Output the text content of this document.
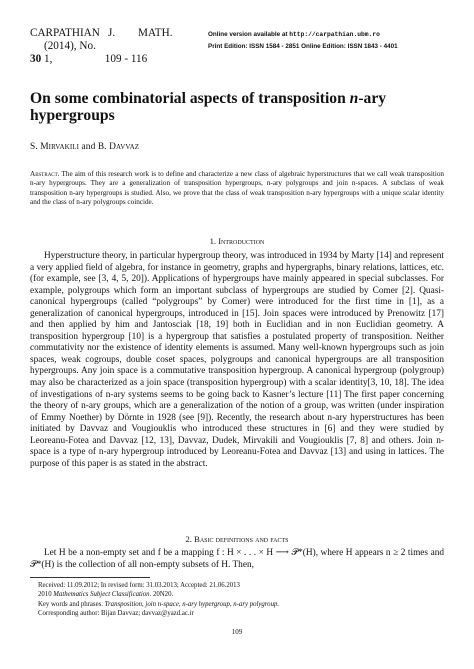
CARPATHIAN J. MATH.
30 (2014), No. 1,	109 - 116
Online version available at http://carpathian.ubm.ro
Print Edition: ISSN 1584 - 2851 Online Edition: ISSN 1843 - 4401
On some combinatorial aspects of transposition n-ary
hypergroups
S. Mirvakili and B. Davvaz
Abstract. The aim of this research work is to define and characterize a new class of algebraic hyperstructures that we call weak transposition n-ary hypergroups. They are a generalization of transposition hypergroups, n-ary polygroups and join n-spaces. A subclass of weak transposition n-ary hypergroups is studied. Also, we prove that the class of weak transposition n-ary hypergroups with a unique scalar identity and the class of n-ary polygroups coincide.
1. Introduction
Hyperstructure theory, in particular hypergroup theory, was introduced in 1934 by Marty [14] and represent a very applied field of algebra, for instance in geometry, graphs and hypergraphs, binary relations, lattices, etc. (for example, see [3, 4, 5, 20]). Applications of hypergroups have mainly appeared in special subclasses. For example, polygroups which form an important subclass of hypergroups are studied by Comer [2]. Quasi-canonical hypergroups (called “polygroups” by Comer) were introduced for the first time in [1], as a generalization of canonical hypergroups, introduced in [15]. Join spaces were introduced by Prenowitz [17] and then applied by him and Jantosciak [18, 19] both in Euclidian and in non Euclidian geometry. A transposition hypergroup [10] is a hypergroup that satisfies a postulated property of transposition. Neither commutativity nor the existence of identity elements is assumed. Many well-known hypergroups such as join spaces, weak cogroups, double coset spaces, polygroups and canonical hypergroups are all transposition hypergroups. Any join space is a commutative transposition hypergroup. A canonical hypergroup (polygroup) may also be characterized as a join space (transposition hypergroup) with a scalar identity[3, 10, 18]. The idea of investigations of n-ary systems seems to be going back to Kasner’s lecture [11] The first paper concerning the theory of n-ary groups, which are a generalization of the notion of a group, was written (under inspiration of Emmy Noether) by Dörnte in 1928 (see [9]). Recently, the research about n-ary hyperstructures has been initiated by Davvaz and Vougiouklis who introduced these structures in [6] and they were studied by Leoreanu-Fotea and Davvaz [12, 13], Davvaz, Dudek, Mirvakili and Vougiouklis [7, 8] and others. Join n-space is a type of n-ary hypergroup introduced by Leoreanu-Fotea and Davvaz [13] and using in lattices. The purpose of this paper is as stated in the abstract.
2. Basic definitions and facts
Let H be a non-empty set and f be a mapping f : H × . . . × H ⟶ 𝒫*(H), where H appears n ≥ 2 times and 𝒫*(H) is the collection of all non-empty subsets of H. Then,
Received: 11.09.2012; In revised form: 31.03.2013; Accepted: 21.06.2013
2010 Mathematics Subject Classification. 20N20.
Key words and phrases. Transposition, join n-space, n-ary hypergroup, n-ary polygroup.
Corresponding author: Bijan Davvaz; davvaz@yazd.ac.ir
109
